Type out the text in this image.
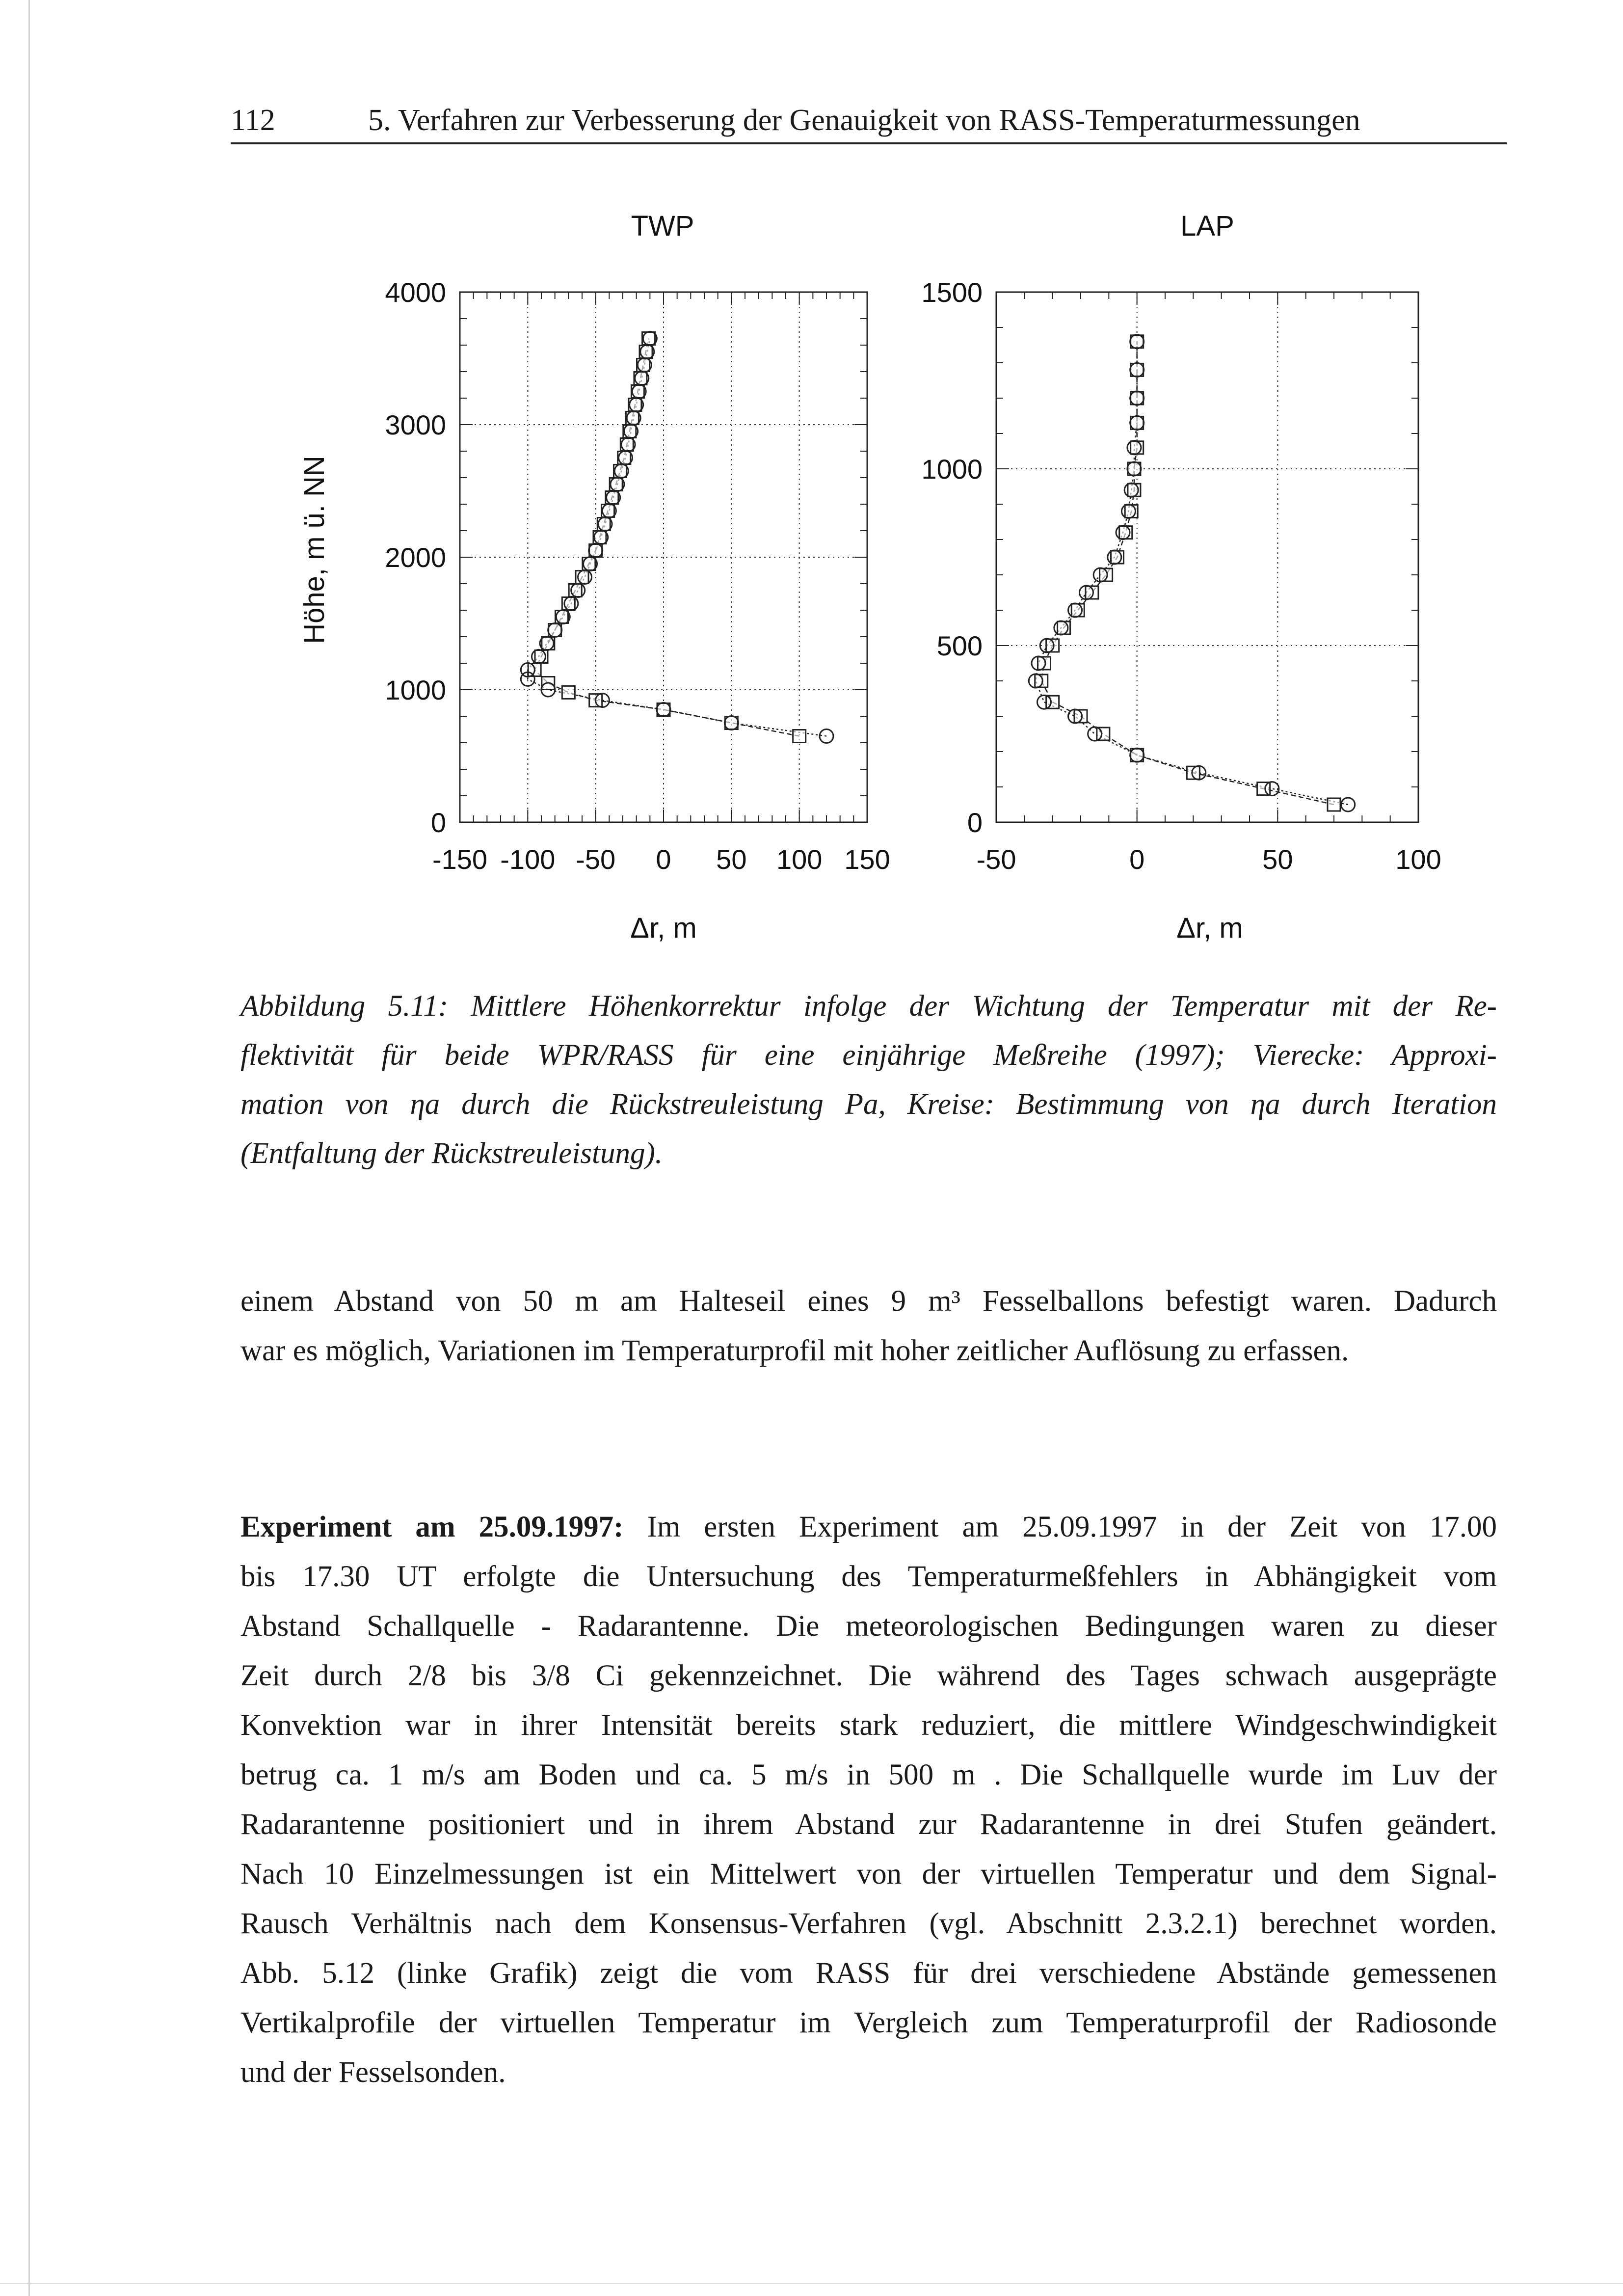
112	5. Verfahren zur Verbesserung der Genauigkeit von RASS-Temperaturmessungen
Höhe, m ü. NN
TWP
0
1000
2000
3000
4000
-150 -100 -50 0 50 100 150
Δr, m
LAP
0
500
1000
1500
-50	0	50	100
Δr, m
Abbildung 5.11: Mittlere Höhenkorrektur infolge der Wichtung der Temperatur mit der Re-
flektivität für beide WPR/RASS für eine einjährige Meßreihe (1997); Vierecke: Approxi-
mation von ηa durch die Rückstreuleistung Pa, Kreise: Bestimmung von ηa durch Iteration
(Entfaltung der Rückstreuleistung).
einem Abstand von 50 m am Halteseil eines 9 m³ Fesselballons befestigt waren. Dadurch
war es möglich, Variationen im Temperaturprofil mit hoher zeitlicher Auflösung zu erfassen.
Experiment am 25.09.1997: Im ersten Experiment am 25.09.1997 in der Zeit von 17.00
bis 17.30 UT erfolgte die Untersuchung des Temperaturmeßfehlers in Abhängigkeit vom
Abstand Schallquelle - Radarantenne. Die meteorologischen Bedingungen waren zu dieser
Zeit durch 2/8 bis 3/8 Ci gekennzeichnet. Die während des Tages schwach ausgeprägte
Konvektion war in ihrer Intensität bereits stark reduziert, die mittlere Windgeschwindigkeit
betrug ca. 1 m/s am Boden und ca. 5 m/s in 500 m . Die Schallquelle wurde im Luv der
Radarantenne positioniert und in ihrem Abstand zur Radarantenne in drei Stufen geändert.
Nach 10 Einzelmessungen ist ein Mittelwert von der virtuellen Temperatur und dem Signal-
Rausch Verhältnis nach dem Konsensus-Verfahren (vgl. Abschnitt 2.3.2.1) berechnet worden.
Abb. 5.12 (linke Grafik) zeigt die vom RASS für drei verschiedene Abstände gemessenen
Vertikalprofile der virtuellen Temperatur im Vergleich zum Temperaturprofil der Radiosonde
und der Fesselsonden.
